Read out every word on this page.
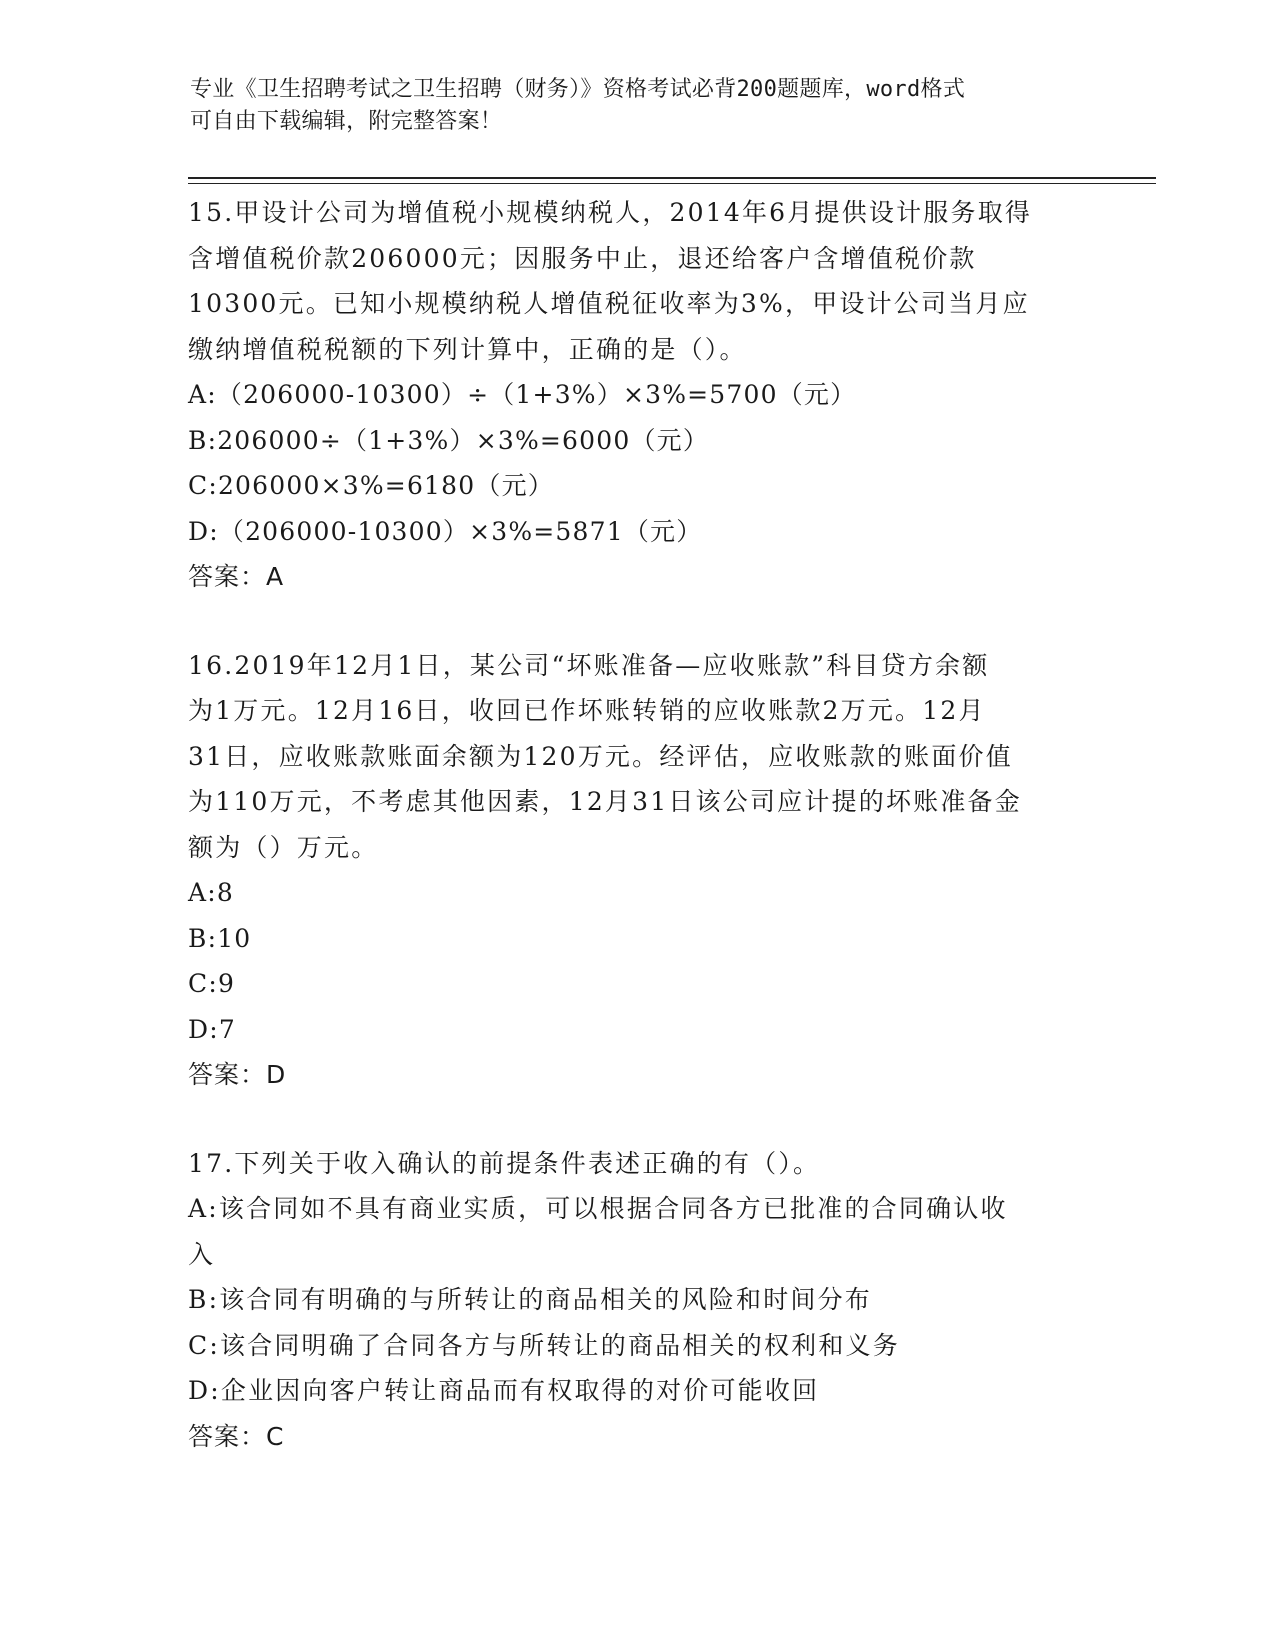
专业《卫生招聘考试之卫生招聘（财务）》资格考试必背200题题库，word格式
可自由下载编辑，附完整答案！
15.甲设计公司为增值税小规模纳税人，2014年6月提供设计服务取得
含增值税价款206000元；因服务中止，退还给客户含增值税价款
10300元。已知小规模纳税人增值税征收率为3%，甲设计公司当月应
缴纳增值税税额的下列计算中，正确的是（）。
A:（206000-10300）÷（1+3%）×3%=5700（元）
B:206000÷（1+3%）×3%=6000（元）
C:206000×3%=6180（元）
D:（206000-10300）×3%=5871（元）
答案：A
16.2019年12月1日，某公司“坏账准备—应收账款”科目贷方余额
为1万元。12月16日，收回已作坏账转销的应收账款2万元。12月
31日，应收账款账面余额为120万元。经评估，应收账款的账面价值
为110万元，不考虑其他因素，12月31日该公司应计提的坏账准备金
额为（）万元。
A:8
B:10
C:9
D:7
答案：D
17.下列关于收入确认的前提条件表述正确的有（）。
A:该合同如不具有商业实质，可以根据合同各方已批准的合同确认收
入
B:该合同有明确的与所转让的商品相关的风险和时间分布
C:该合同明确了合同各方与所转让的商品相关的权利和义务
D:企业因向客户转让商品而有权取得的对价可能收回
答案：C
